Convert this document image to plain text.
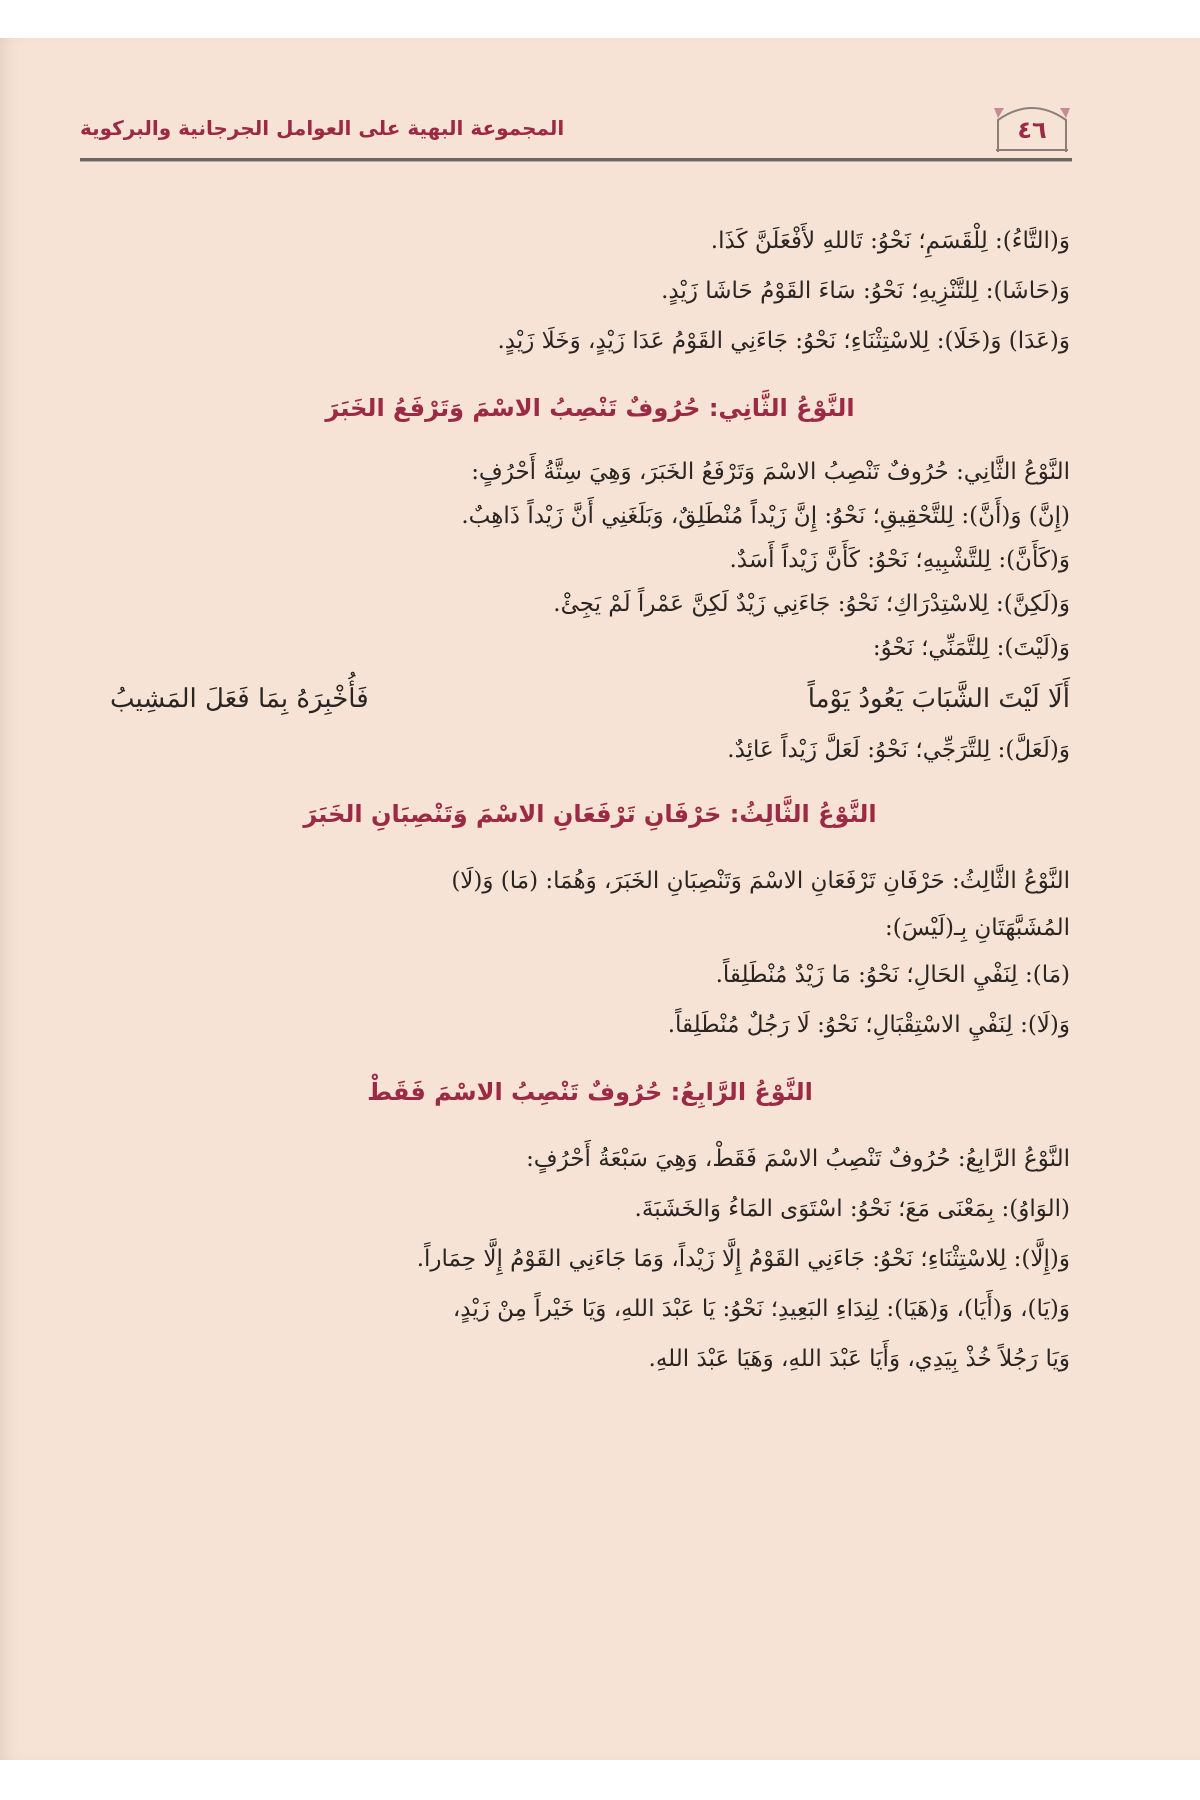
٤٦
المجموعة البهية على العوامل الجرجانية والبركوية
وَ(التَّاءُ): لِلْقَسَمِ؛ نَحْوُ: تَاللهِ لأَفْعَلَنَّ كَذَا.
وَ(حَاشَا): لِلتَّنْزِيهِ؛ نَحْوُ: سَاءَ القَوْمُ حَاشَا زَيْدٍ.
وَ(عَدَا) وَ(خَلَا): لِلاسْتِثْنَاءِ؛ نَحْوُ: جَاءَنِي القَوْمُ عَدَا زَيْدٍ، وَخَلَا زَيْدٍ.
النَّوْعُ الثَّانِي: حُرُوفٌ تَنْصِبُ الاسْمَ وَتَرْفَعُ الخَبَرَ
النَّوْعُ الثَّانِي: حُرُوفٌ تَنْصِبُ الاسْمَ وَتَرْفَعُ الخَبَرَ، وَهِيَ سِتَّةُ أَحْرُفٍ:
(إِنَّ) وَ(أَنَّ): لِلتَّحْقِيقِ؛ نَحْوُ: إِنَّ زَيْداً مُنْطَلِقٌ، وَبَلَغَنِي أَنَّ زَيْداً ذَاهِبٌ.
وَ(كَأَنَّ): لِلتَّشْبِيهِ؛ نَحْوُ: كَأَنَّ زَيْداً أَسَدٌ.
وَ(لَكِنَّ): لِلاسْتِدْرَاكِ؛ نَحْوُ: جَاءَنِي زَيْدٌ لَكِنَّ عَمْراً لَمْ يَجِئْ.
وَ(لَيْتَ): لِلتَّمَنِّي؛ نَحْوُ:
أَلَا لَيْتَ الشَّبَابَ يَعُودُ يَوْماً
فَأُخْبِرَهُ بِمَا فَعَلَ المَشِيبُ
وَ(لَعَلَّ): لِلتَّرَجِّي؛ نَحْوُ: لَعَلَّ زَيْداً عَائِدٌ.
النَّوْعُ الثَّالِثُ: حَرْفَانِ تَرْفَعَانِ الاسْمَ وَتَنْصِبَانِ الخَبَرَ
النَّوْعُ الثَّالِثُ: حَرْفَانِ تَرْفَعَانِ الاسْمَ وَتَنْصِبَانِ الخَبَرَ، وَهُمَا: (مَا) وَ(لَا)
المُشَبَّهَتَانِ بِـ(لَيْسَ):
(مَا): لِنَفْيِ الحَالِ؛ نَحْوُ: مَا زَيْدٌ مُنْطَلِقاً.
وَ(لَا): لِنَفْيِ الاسْتِقْبَالِ؛ نَحْوُ: لَا رَجُلٌ مُنْطَلِقاً.
النَّوْعُ الرَّابِعُ: حُرُوفٌ تَنْصِبُ الاسْمَ فَقَطْ
النَّوْعُ الرَّابِعُ: حُرُوفٌ تَنْصِبُ الاسْمَ فَقَطْ، وَهِيَ سَبْعَةُ أَحْرُفٍ:
(الوَاوُ): بِمَعْنَى مَعَ؛ نَحْوُ: اسْتَوَى المَاءُ وَالخَشَبَةَ.
وَ(إِلَّا): لِلاسْتِثْنَاءِ؛ نَحْوُ: جَاءَنِي القَوْمُ إِلَّا زَيْداً، وَمَا جَاءَنِي القَوْمُ إِلَّا حِمَاراً.
وَ(يَا)، وَ(أَيَا)، وَ(هَيَا): لِنِدَاءِ البَعِيدِ؛ نَحْوُ: يَا عَبْدَ اللهِ، وَيَا خَيْراً مِنْ زَيْدٍ،
وَيَا رَجُلاً خُذْ بِيَدِي، وَأَيَا عَبْدَ اللهِ، وَهَيَا عَبْدَ اللهِ.
